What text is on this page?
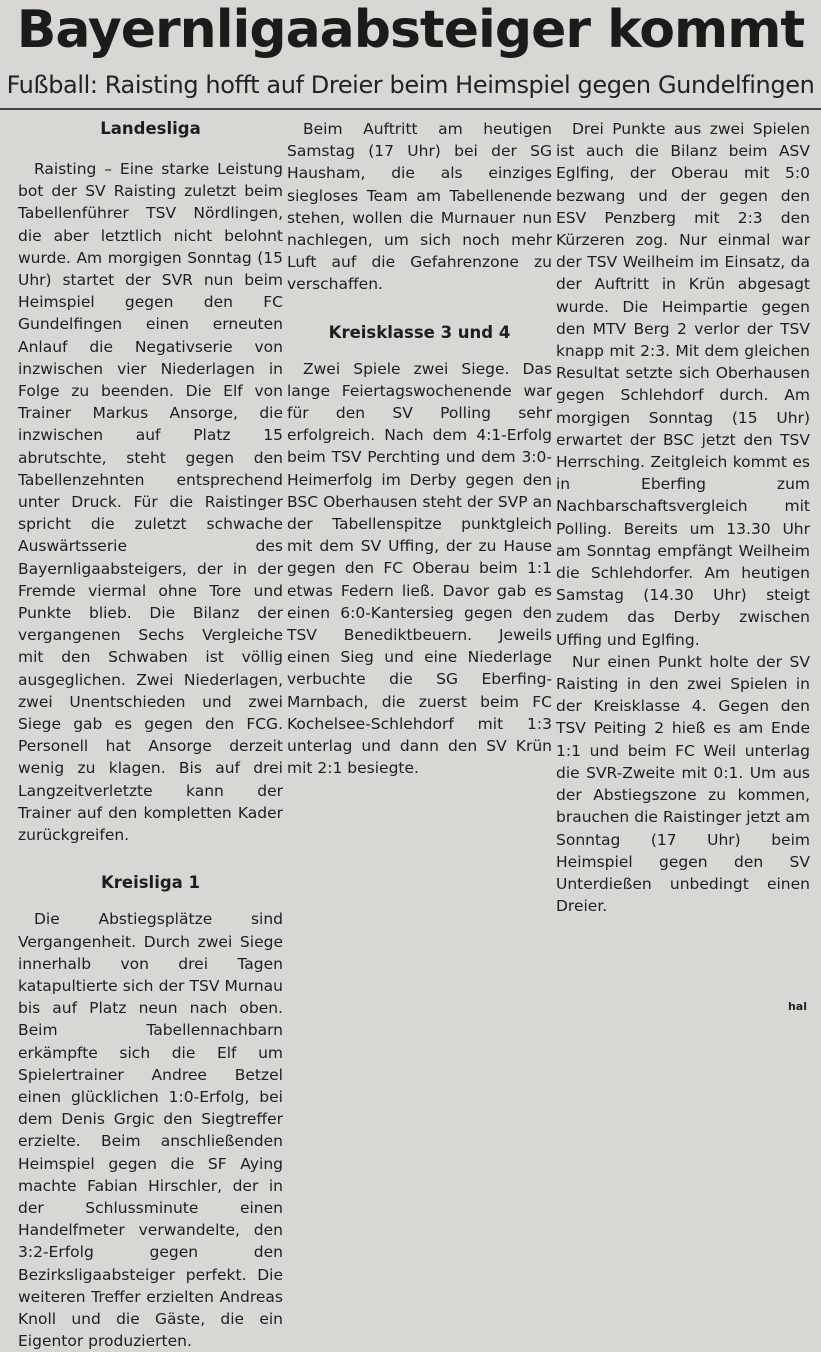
Bayernligaabsteiger kommt
Fußball: Raisting hofft auf Dreier beim Heimspiel gegen Gundelfingen
Landesliga

Raisting – Eine starke Leistung bot der SV Raisting zuletzt beim Tabellenführer TSV Nördlingen, die aber letztlich nicht belohnt wurde. Am morgigen Sonntag (15 Uhr) startet der SVR nun beim Heimspiel gegen den FC Gundelfingen einen erneuten Anlauf die Negativserie von inzwischen vier Niederlagen in Folge zu beenden. Die Elf von Trainer Markus Ansorge, die inzwischen auf Platz 15 abrutschte, steht gegen den Tabellenzehnten entsprechend unter Druck. Für die Raistinger spricht die zuletzt schwache Auswärtsserie des Bayernligaabsteigers, der in der Fremde viermal ohne Tore und Punkte blieb. Die Bilanz der vergangenen Sechs Vergleiche mit den Schwaben ist völlig ausgeglichen. Zwei Niederlagen, zwei Unentschieden und zwei Siege gab es gegen den FCG. Personell hat Ansorge derzeit wenig zu klagen. Bis auf drei Langzeitverletzte kann der Trainer auf den kompletten Kader zurückgreifen.

Kreisliga 1

Die Abstiegsplätze sind Vergangenheit. Durch zwei Siege innerhalb von drei Tagen katapultierte sich der TSV Murnau bis auf Platz neun nach oben. Beim Tabellennachbarn erkämpfte sich die Elf um Spielertrainer Andree Betzel einen glücklichen 1:0-Erfolg, bei dem Denis Grgic den Siegtreffer erzielte. Beim anschließenden Heimspiel gegen die SF Aying machte Fabian Hirschler, der in der Schlussminute einen Handelfmeter verwandelte, den 3:2-Erfolg gegen den Bezirksligaabsteiger perfekt. Die weiteren Treffer erzielten Andreas Knoll und die Gäste, die ein Eigentor produzierten.

Beim Auftritt am heutigen Samstag (17 Uhr) bei der SG Hausham, die als einziges siegloses Team am Tabellenende stehen, wollen die Murnauer nun nachlegen, um sich noch mehr Luft auf die Gefahrenzone zu verschaffen.

Kreisklasse 3 und 4

Zwei Spiele zwei Siege. Das lange Feiertagswochenende war für den SV Polling sehr erfolgreich. Nach dem 4:1-Erfolg beim TSV Perchting und dem 3:0-Heimerfolg im Derby gegen den BSC Oberhausen steht der SVP an der Tabellenspitze punktgleich mit dem SV Uffing, der zu Hause gegen den FC Oberau beim 1:1 etwas Federn ließ. Davor gab es einen 6:0-Kantersieg gegen den TSV Benediktbeuern. Jeweils einen Sieg und eine Niederlage verbuchte die SG Eberfing-Marnbach, die zuerst beim FC Kochelsee-Schlehdorf mit 1:3 unterlag und dann den SV Krün mit 2:1 besiegte.

Drei Punkte aus zwei Spielen ist auch die Bilanz beim ASV Eglfing, der Oberau mit 5:0 bezwang und der gegen den ESV Penzberg mit 2:3 den Kürzeren zog. Nur einmal war der TSV Weilheim im Einsatz, da der Auftritt in Krün abgesagt wurde. Die Heimpartie gegen den MTV Berg 2 verlor der TSV knapp mit 2:3. Mit dem gleichen Resultat setzte sich Oberhausen gegen Schlehdorf durch. Am morgigen Sonntag (15 Uhr) erwartet der BSC jetzt den TSV Herrsching. Zeitgleich kommt es in Eberfing zum Nachbarschaftsvergleich mit Polling. Bereits um 13.30 Uhr am Sonntag empfängt Weilheim die Schlehdorfer. Am heutigen Samstag (14.30 Uhr) steigt zudem das Derby zwischen Uffing und Eglfing.

Nur einen Punkt holte der SV Raisting in den zwei Spielen in der Kreisklasse 4. Gegen den TSV Peiting 2 hieß es am Ende 1:1 und beim FC Weil unterlag die SVR-Zweite mit 0:1. Um aus der Abstiegszone zu kommen, brauchen die Raistinger jetzt am Sonntag (17 Uhr) beim Heimspiel gegen den SV Unterdießen unbedingt einen Dreier.

hal
